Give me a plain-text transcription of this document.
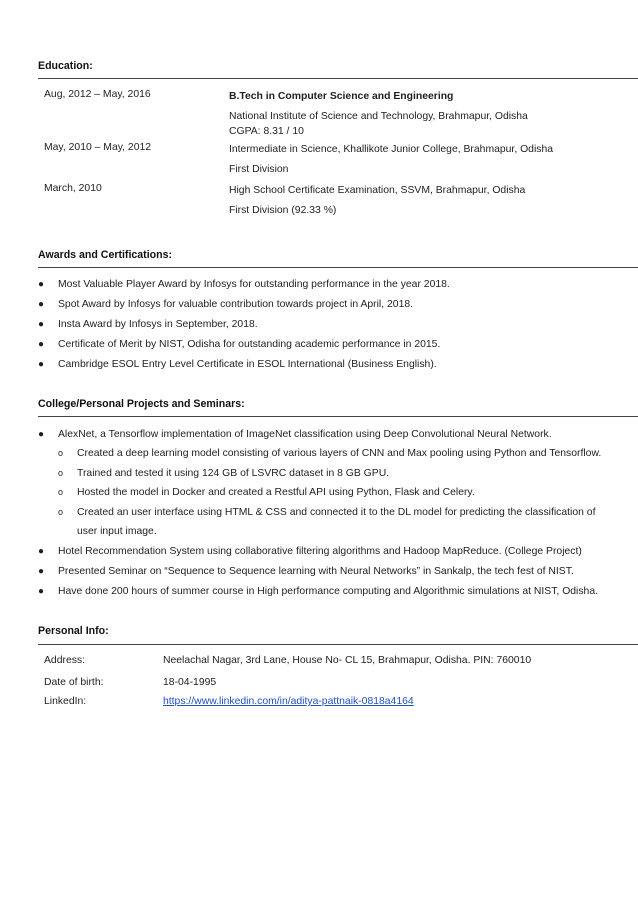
Education:
Aug, 2012 – May, 2016	B.Tech in Computer Science and Engineering
National Institute of Science and Technology, Brahmapur, Odisha
CGPA: 8.31 / 10
May, 2010 – May, 2012	Intermediate in Science, Khallikote Junior College, Brahmapur, Odisha
First Division
March, 2010	High School Certificate Examination, SSVM, Brahmapur, Odisha
First Division (92.33 %)
Awards and Certifications:
●	Most Valuable Player Award by Infosys for outstanding performance in the year 2018.
●	Spot Award by Infosys for valuable contribution towards project in April, 2018.
●	Insta Award by Infosys in September, 2018.
●	Certificate of Merit by NIST, Odisha for outstanding academic performance in 2015.
●	Cambridge ESOL Entry Level Certificate in ESOL International (Business English).
College/Personal Projects and Seminars:
●	AlexNet, a Tensorflow implementation of ImageNet classification using Deep Convolutional Neural Network.
o Created a deep learning model consisting of various layers of CNN and Max pooling using Python and Tensorflow.
o Trained and tested it using 124 GB of LSVRC dataset in 8 GB GPU.
o Hosted the model in Docker and created a Restful API using Python, Flask and Celery.
o Created an user interface using HTML & CSS and connected it to the DL model for predicting the classification of
user input image.
●	Hotel Recommendation System using collaborative filtering algorithms and Hadoop MapReduce. (College Project)
●	Presented Seminar on “Sequence to Sequence learning with Neural Networks” in Sankalp, the tech fest of NIST.
●	Have done 200 hours of summer course in High performance computing and Algorithmic simulations at NIST, Odisha.
Personal Info:
Address:	Neelachal Nagar, 3rd Lane, House No- CL 15, Brahmapur, Odisha. PIN: 760010
Date of birth:	18-04-1995
LinkedIn:	https://www.linkedin.com/in/aditya-pattnaik-0818a4164
